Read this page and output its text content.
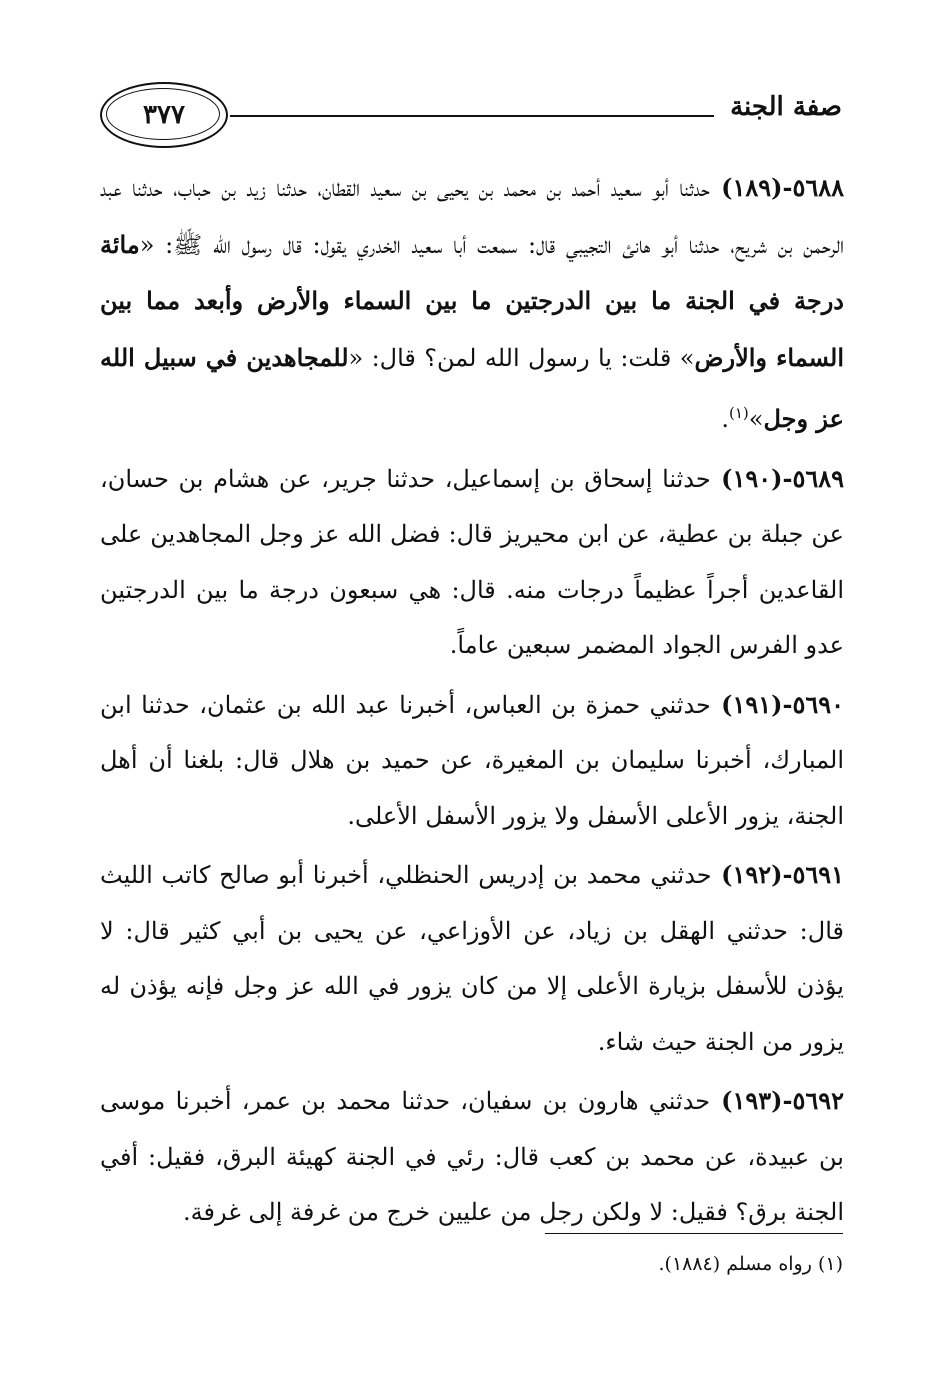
صفة الجنة
٣٧٧

٥٦٨٨-(١٨٩) حدثنا أبو سعيد أحمد بن محمد بن يحيى بن سعيد القطان، حدثنا زيد بن حباب، حدثنا عبد الرحمن بن شريح، حدثنا أبو هانئ التجيبي قال: سمعت أبا سعيد الخدري يقول: قال رسول الله ﷺ: «مائة درجة في الجنة ما بين الدرجتين ما بين السماء والأرض وأبعد مما بين السماء والأرض» قلت: يا رسول الله لمن؟ قال: «للمجاهدين في سبيل الله عز وجل»$^{(١)}$.

٥٦٨٩-(١٩٠) حدثنا إسحاق بن إسماعيل، حدثنا جرير، عن هشام بن حسان، عن جبلة بن عطية، عن ابن محيريز قال: فضل الله عز وجل المجاهدين على القاعدين أجراً عظيماً درجات منه. قال: هي سبعون درجة ما بين الدرجتين عدو الفرس الجواد المضمر سبعين عاماً.

٥٦٩٠-(١٩١) حدثني حمزة بن العباس، أخبرنا عبد الله بن عثمان، حدثنا ابن المبارك، أخبرنا سليمان بن المغيرة، عن حميد بن هلال قال: بلغنا أن أهل الجنة، يزور الأعلى الأسفل ولا يزور الأسفل الأعلى.

٥٦٩١-(١٩٢) حدثني محمد بن إدريس الحنظلي، أخبرنا أبو صالح كاتب الليث قال: حدثني الهقل بن زياد، عن الأوزاعي، عن يحيى بن أبي كثير قال: لا يؤذن للأسفل بزيارة الأعلى إلا من كان يزور في الله عز وجل فإنه يؤذن له يزور من الجنة حيث شاء.

٥٦٩٢-(١٩٣) حدثني هارون بن سفيان، حدثنا محمد بن عمر، أخبرنا موسى بن عبيدة، عن محمد بن كعب قال: رئي في الجنة كهيئة البرق، فقيل: أفي الجنة برق؟ فقيل: لا ولكن رجل من عليين خرج من غرفة إلى غرفة.

(١) رواه مسلم (١٨٨٤).
